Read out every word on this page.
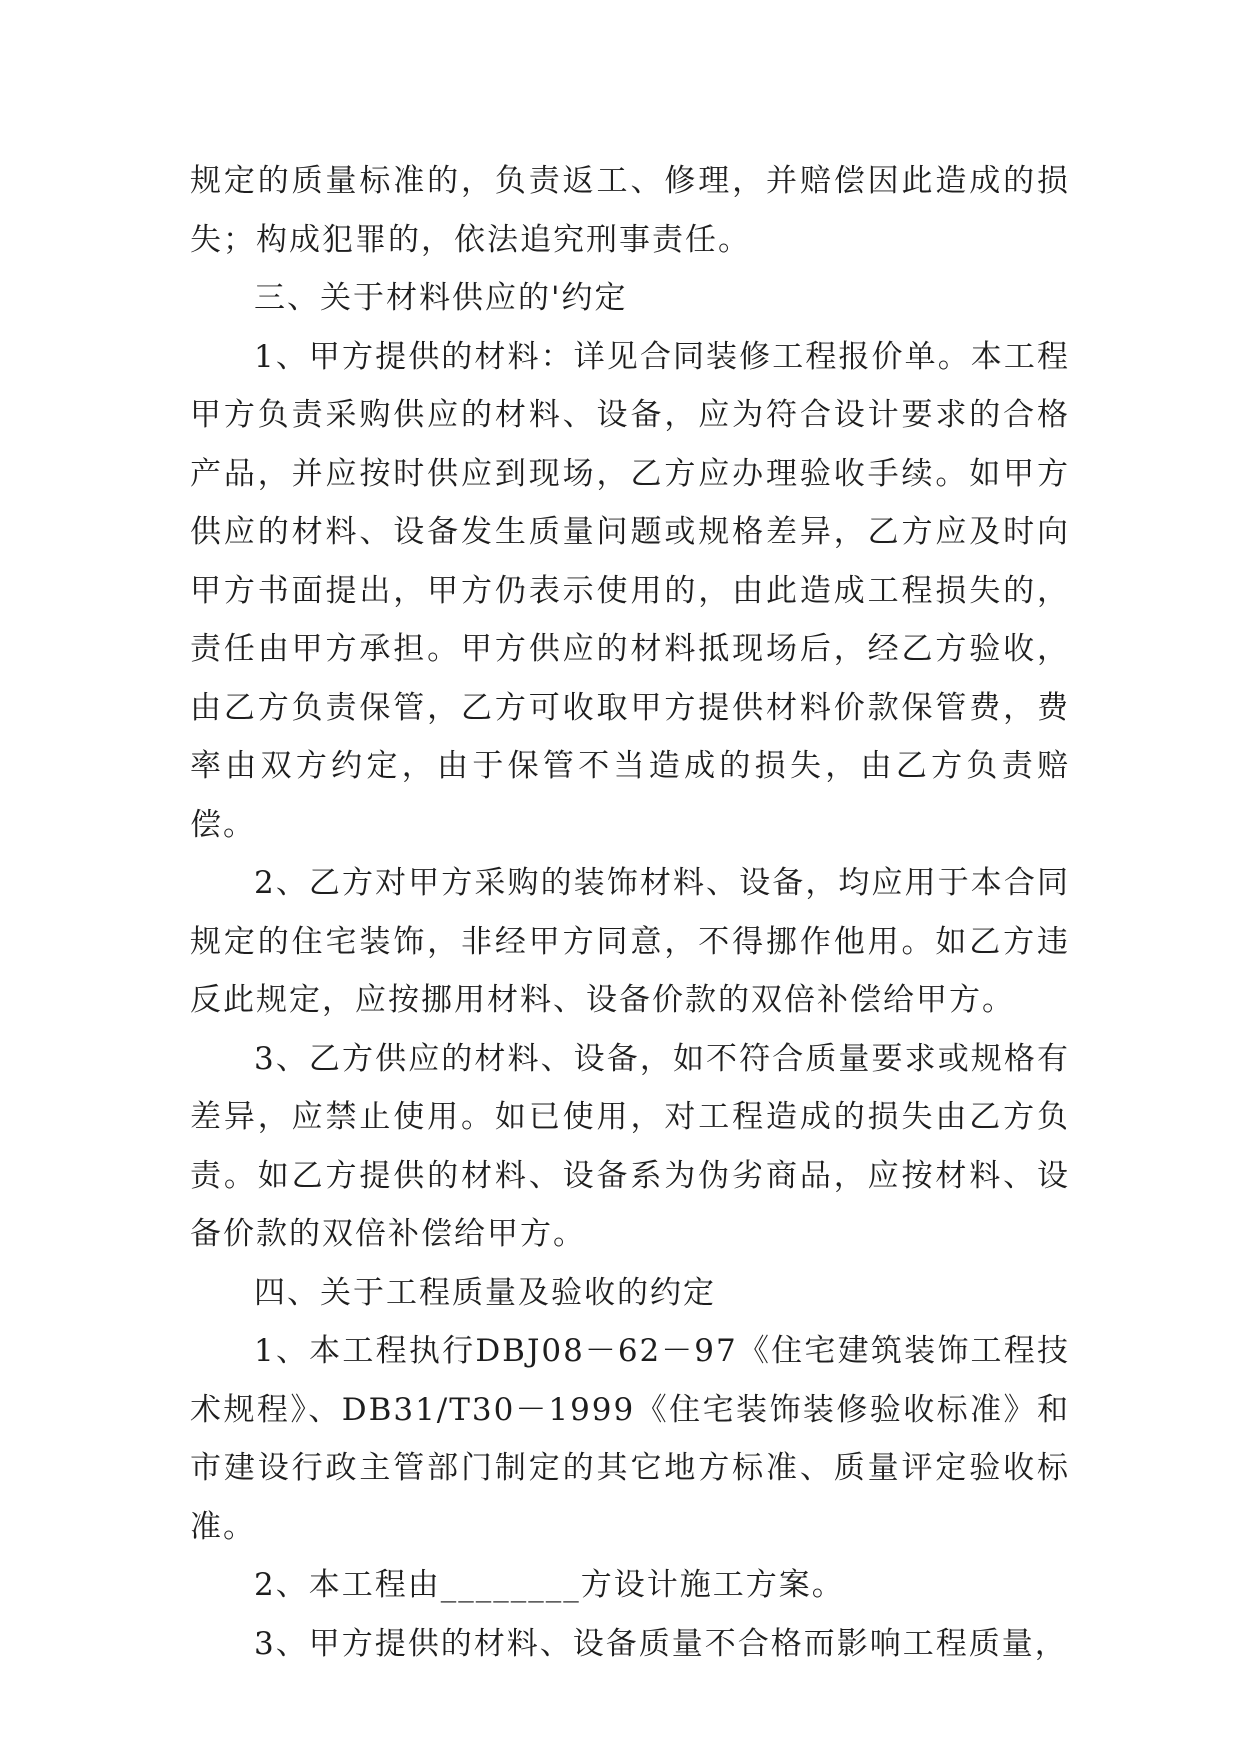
规定的质量标准的，负责返工、修理，并赔偿因此造成的损失；构成犯罪的，依法追究刑事责任。

三、关于材料供应的'约定

1、甲方提供的材料：详见合同装修工程报价单。本工程甲方负责采购供应的材料、设备，应为符合设计要求的合格产品，并应按时供应到现场，乙方应办理验收手续。如甲方供应的材料、设备发生质量问题或规格差异，乙方应及时向甲方书面提出，甲方仍表示使用的，由此造成工程损失的，责任由甲方承担。甲方供应的材料抵现场后，经乙方验收，由乙方负责保管，乙方可收取甲方提供材料价款保管费，费率由双方约定，由于保管不当造成的损失，由乙方负责赔偿。

2、乙方对甲方采购的装饰材料、设备，均应用于本合同规定的住宅装饰，非经甲方同意，不得挪作他用。如乙方违反此规定，应按挪用材料、设备价款的双倍补偿给甲方。

3、乙方供应的材料、设备，如不符合质量要求或规格有差异，应禁止使用。如已使用，对工程造成的损失由乙方负责。如乙方提供的材料、设备系为伪劣商品，应按材料、设备价款的双倍补偿给甲方。

四、关于工程质量及验收的约定

1、本工程执行DBJ08－62－97《住宅建筑装饰工程技术规程》、DB31/T30－1999《住宅装饰装修验收标准》和市建设行政主管部门制定的其它地方标准、质量评定验收标准。

2、本工程由________方设计施工方案。

3、甲方提供的材料、设备质量不合格而影响工程质量，
